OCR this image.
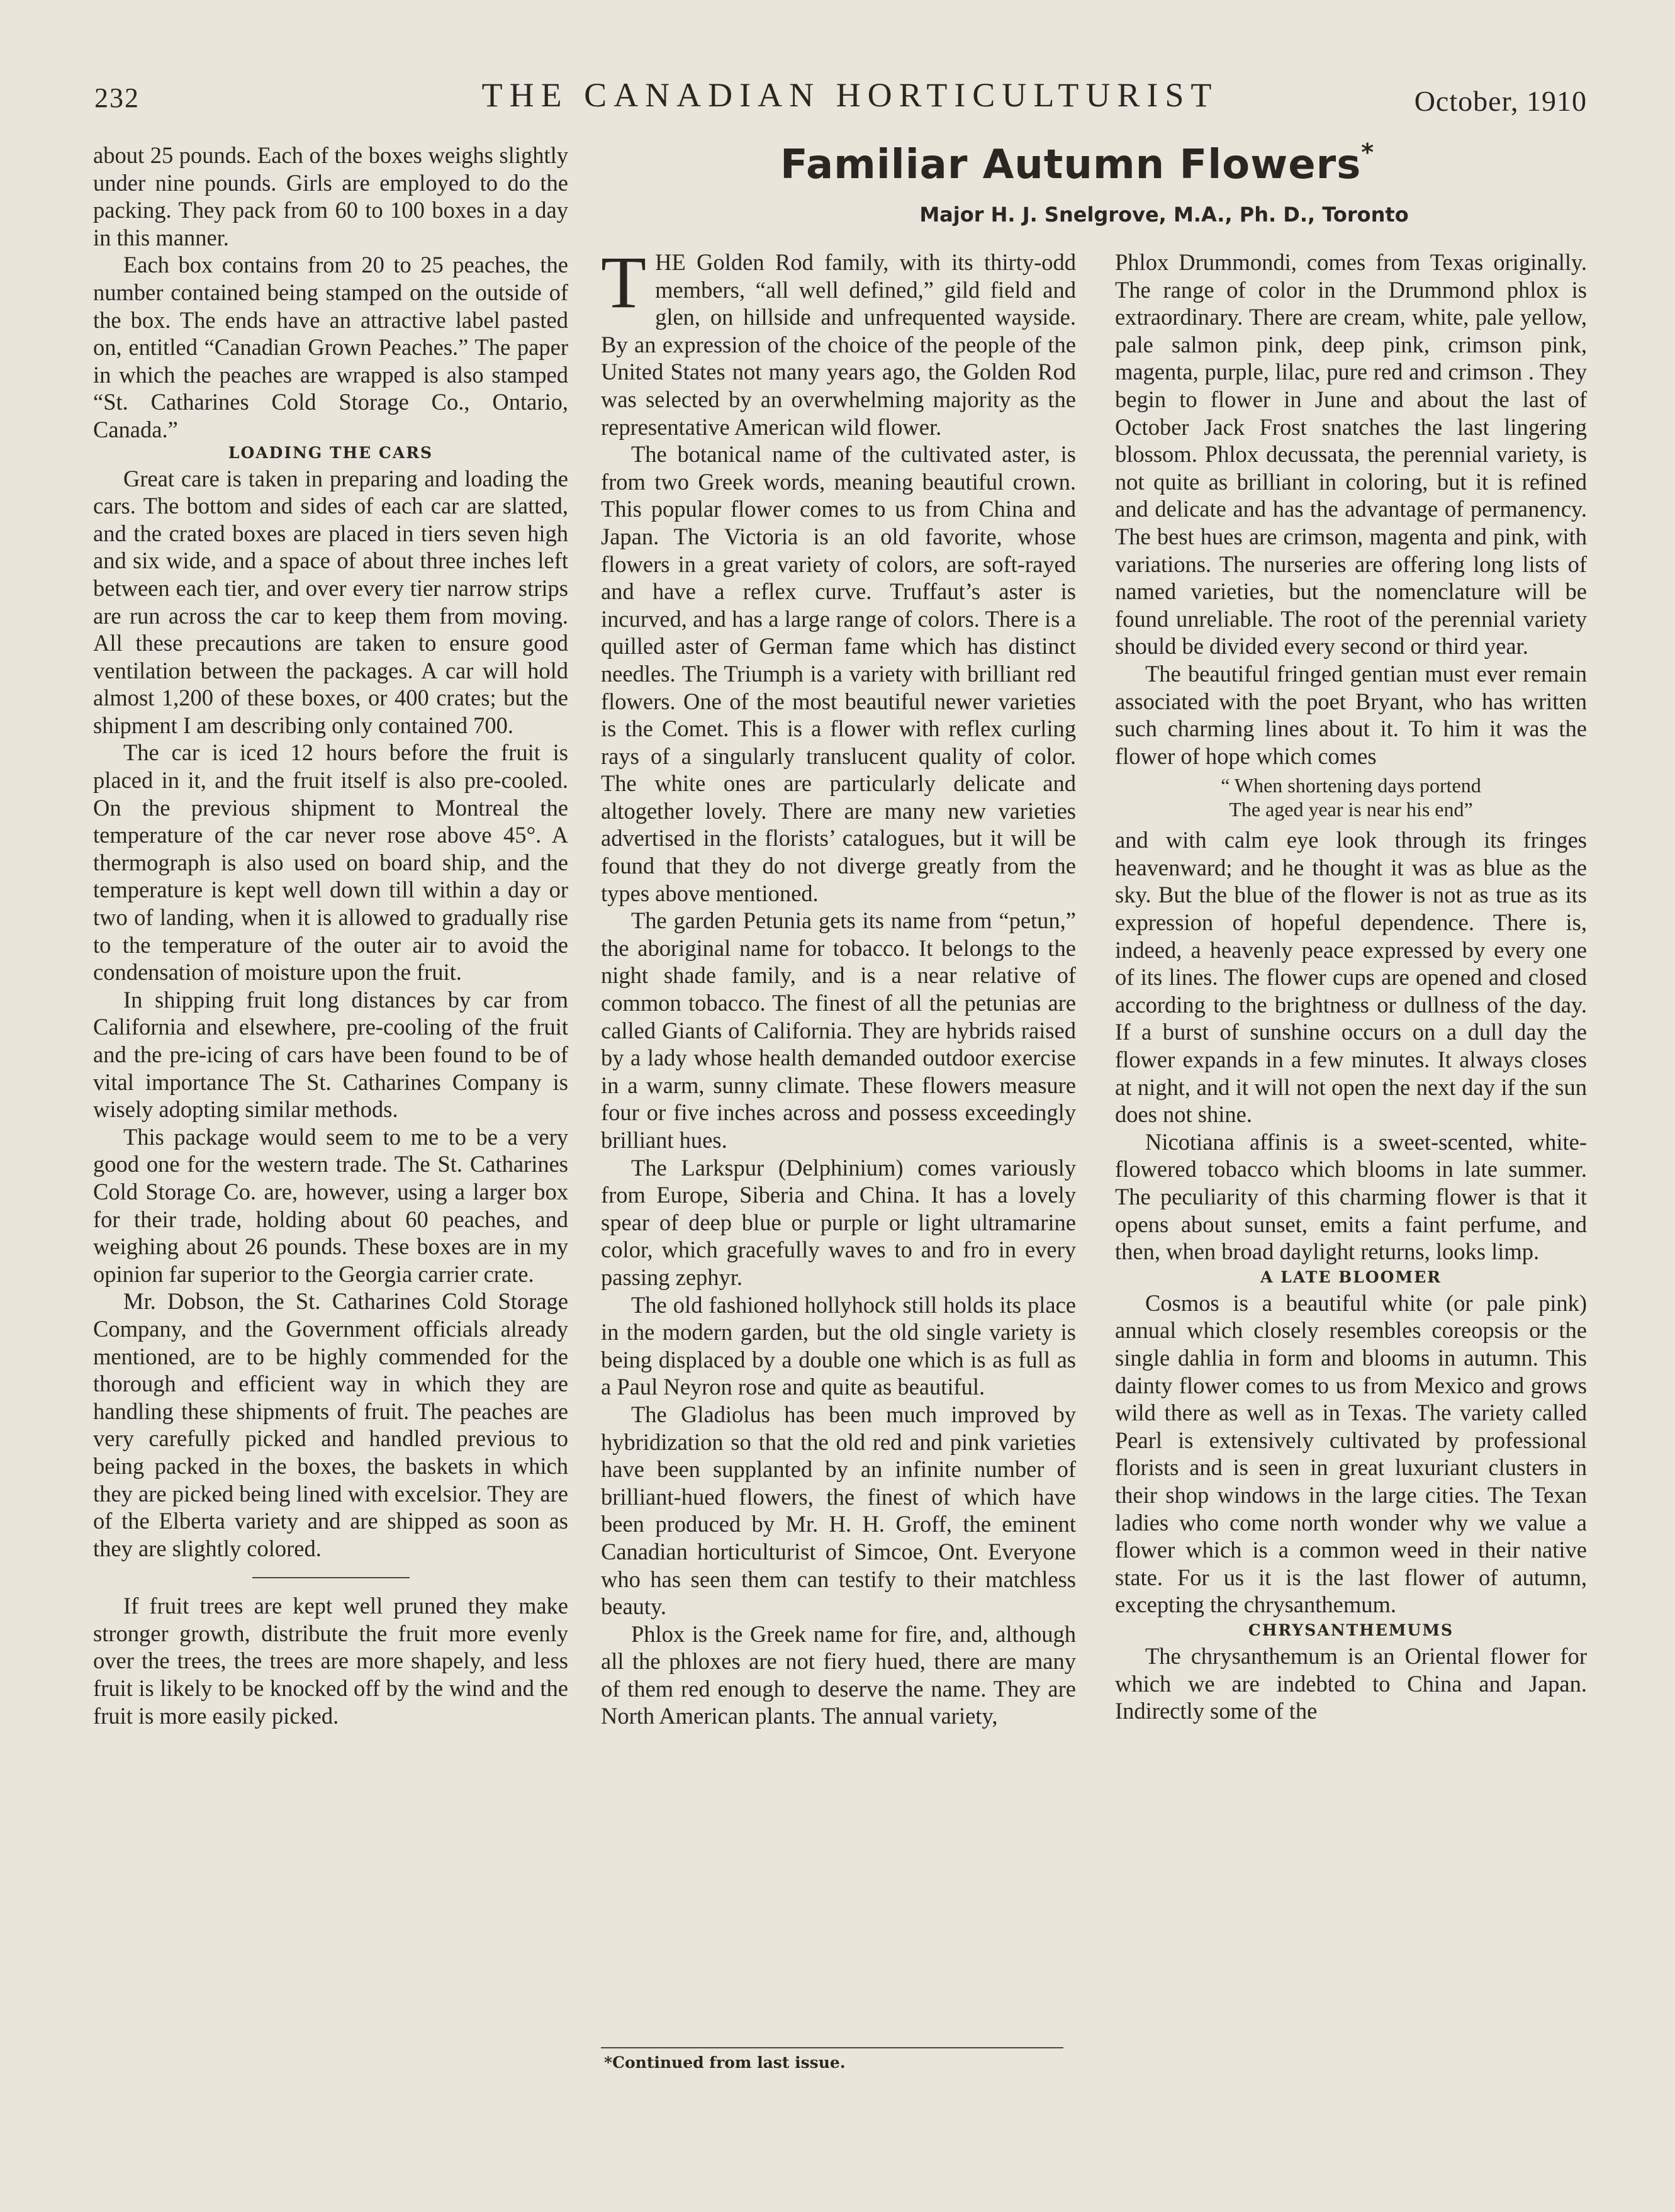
232	THE CANADIAN HORTICULTURIST	October, 1910

about 25 pounds. Each of the boxes weighs slightly under nine pounds. Girls are employed to do the packing. They pack from 60 to 100 boxes in a day in this manner.

Each box contains from 20 to 25 peaches, the number contained being stamped on the outside of the box. The ends have an attractive label pasted on, entitled “Canadian Grown Peaches.” The paper in which the peaches are wrapped is also stamped “St. Catharines Cold Storage Co., Ontario, Canada.”

LOADING THE CARS

Great care is taken in preparing and loading the cars. The bottom and sides of each car are slatted, and the crated boxes are placed in tiers seven high and six wide, and a space of about three inches left between each tier, and over every tier narrow strips are run across the car to keep them from moving. All these precautions are taken to ensure good ventilation between the packages. A car will hold almost 1,200 of these boxes, or 400 crates; but the shipment I am describing only contained 700.

The car is iced 12 hours before the fruit is placed in it, and the fruit itself is also pre-cooled. On the previous shipment to Montreal the temperature of the car never rose above 45°. A thermograph is also used on board ship, and the temperature is kept well down till within a day or two of landing, when it is allowed to gradually rise to the temperature of the outer air to avoid the condensation of moisture upon the fruit.

In shipping fruit long distances by car from California and elsewhere, pre-cooling of the fruit and the pre-icing of cars have been found to be of vital importance The St. Catharines Company is wisely adopting similar methods.

This package would seem to me to be a very good one for the western trade. The St. Catharines Cold Storage Co. are, however, using a larger box for their trade, holding about 60 peaches, and weighing about 26 pounds. These boxes are in my opinion far superior to the Georgia carrier crate.

Mr. Dobson, the St. Catharines Cold Storage Company, and the Government officials already mentioned, are to be highly commended for the thorough and efficient way in which they are handling these shipments of fruit. The peaches are very carefully picked and handled previous to being packed in the boxes, the baskets in which they are picked being lined with excelsior. They are of the Elberta variety and are shipped as soon as they are slightly colored.

If fruit trees are kept well pruned they make stronger growth, distribute the fruit more evenly over the trees, the trees are more shapely, and less fruit is likely to be knocked off by the wind and the fruit is more easily picked.

Familiar Autumn Flowers*
Major H. J. Snelgrove, M.A., Ph. D., Toronto

THE Golden Rod family, with its thirty-odd members, “all well defined,” gild field and glen, on hillside and unfrequented wayside. By an expression of the choice of the people of the United States not many years ago, the Golden Rod was selected by an overwhelming majority as the representative American wild flower.

The botanical name of the cultivated aster, is from two Greek words, meaning beautiful crown. This popular flower comes to us from China and Japan. The Victoria is an old favorite, whose flowers in a great variety of colors, are soft-rayed and have a reflex curve. Truffaut’s aster is incurved, and has a large range of colors. There is a quilled aster of German fame which has distinct needles. The Triumph is a variety with brilliant red flowers. One of the most beautiful newer varieties is the Comet. This is a flower with reflex curling rays of a singularly translucent quality of color. The white ones are particularly delicate and altogether lovely. There are many new varieties advertised in the florists’ catalogues, but it will be found that they do not diverge greatly from the types above mentioned.

The garden Petunia gets its name from “petun,” the aboriginal name for tobacco. It belongs to the night shade family, and is a near relative of common tobacco. The finest of all the petunias are called Giants of California. They are hybrids raised by a lady whose health demanded outdoor exercise in a warm, sunny climate. These flowers measure four or five inches across and possess exceedingly brilliant hues.

The Larkspur (Delphinium) comes variously from Europe, Siberia and China. It has a lovely spear of deep blue or purple or light ultramarine color, which gracefully waves to and fro in every passing zephyr.

The old fashioned hollyhock still holds its place in the modern garden, but the old single variety is being displaced by a double one which is as full as a Paul Neyron rose and quite as beautiful.

The Gladiolus has been much improved by hybridization so that the old red and pink varieties have been supplanted by an infinite number of brilliant-hued flowers, the finest of which have been produced by Mr. H. H. Groff, the eminent Canadian horticulturist of Simcoe, Ont. Everyone who has seen them can testify to their matchless beauty.

Phlox is the Greek name for fire, and, although all the phloxes are not fiery hued, there are many of them red enough to deserve the name. They are North American plants. The annual variety,

*Continued from last issue.

Phlox Drummondi, comes from Texas originally. The range of color in the Drummond phlox is extraordinary. There are cream, white, pale yellow, pale salmon pink, deep pink, crimson pink, magenta, purple, lilac, pure red and crimson . They begin to flower in June and about the last of October Jack Frost snatches the last lingering blossom. Phlox decussata, the perennial variety, is not quite as brilliant in coloring, but it is refined and delicate and has the advantage of permanency. The best hues are crimson, magenta and pink, with variations. The nurseries are offering long lists of named varieties, but the nomenclature will be found unreliable. The root of the perennial variety should be divided every second or third year.

The beautiful fringed gentian must ever remain associated with the poet Bryant, who has written such charming lines about it. To him it was the flower of hope which comes

“ When shortening days portend
The aged year is near his end”

and with calm eye look through its fringes heavenward; and he thought it was as blue as the sky. But the blue of the flower is not as true as its expression of hopeful dependence. There is, indeed, a heavenly peace expressed by every one of its lines. The flower cups are opened and closed according to the brightness or dullness of the day. If a burst of sunshine occurs on a dull day the flower expands in a few minutes. It always closes at night, and it will not open the next day if the sun does not shine.

Nicotiana affinis is a sweet-scented, white-flowered tobacco which blooms in late summer. The peculiarity of this charming flower is that it opens about sunset, emits a faint perfume, and then, when broad daylight returns, looks limp.

A LATE BLOOMER

Cosmos is a beautiful white (or pale pink) annual which closely resembles coreopsis or the single dahlia in form and blooms in autumn. This dainty flower comes to us from Mexico and grows wild there as well as in Texas. The variety called Pearl is extensively cultivated by professional florists and is seen in great luxuriant clusters in their shop windows in the large cities. The Texan ladies who come north wonder why we value a flower which is a common weed in their native state. For us it is the last flower of autumn, excepting the chrysanthemum.

CHRYSANTHEMUMS

The chrysanthemum is an Oriental flower for which we are indebted to China and Japan. Indirectly some of the
